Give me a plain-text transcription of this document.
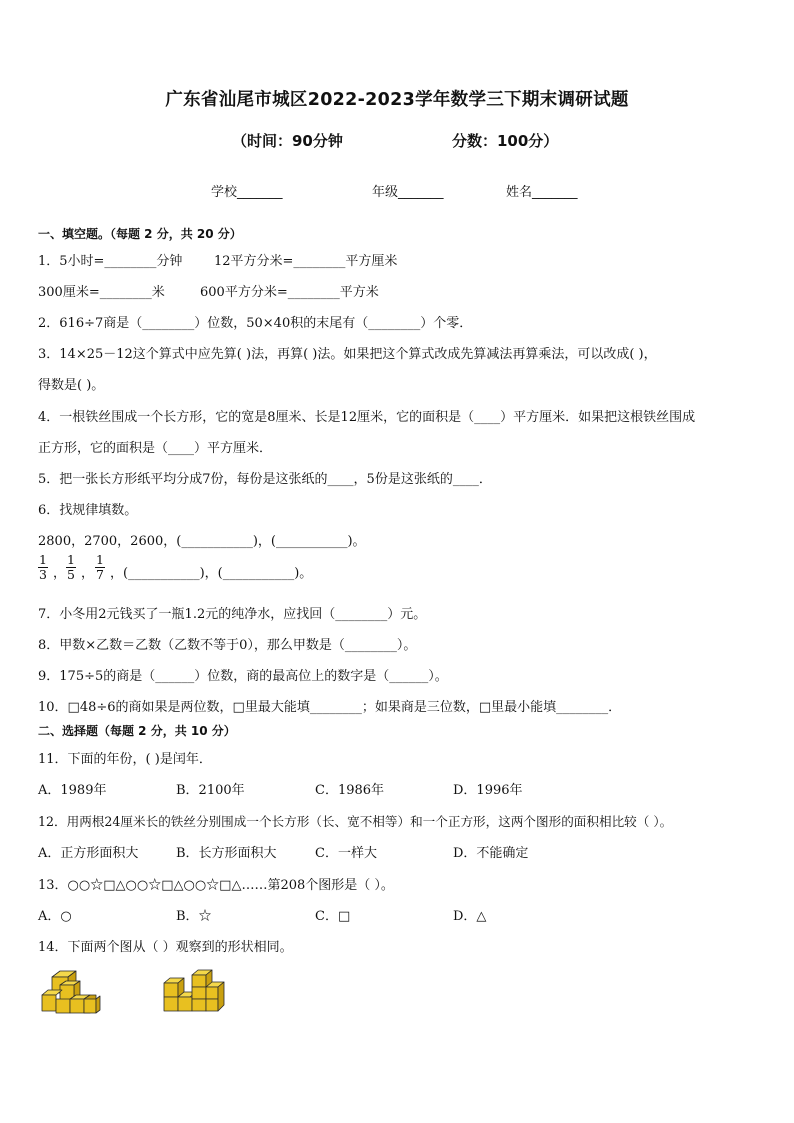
广东省汕尾市城区2022-2023学年数学三下期末调研试题
（时间：90分钟	分数：100分）
学校_______	年级_______	姓名_______
一、填空题。（每题 2 分，共 20 分）
1．5小时=________分钟 12平方分米=________平方厘米
300厘米=________米	600平方分米=________平方米
2．616÷7商是（________）位数，50×40积的末尾有（________）个零．
3．14×25－12这个算式中应先算( )法，再算( )法。如果把这个算式改成先算减法再算乘法，可以改成( )，
得数是( )。
4．一根铁丝围成一个长方形，它的宽是8厘米、长是12厘米，它的面积是（____）平方厘米．如果把这根铁丝围成
正方形，它的面积是（____）平方厘米．
5．把一张长方形纸平均分成7份，每份是这张纸的____，5份是这张纸的____．
6．找规律填数。
2800，2700，2600，(___________)，(___________)。
$\frac{1}{3}$ ， $\frac{1}{5}$ ， $\frac{1}{7}$ ，(___________)，(___________)。
7．小冬用2元钱买了一瓶1.2元的纯净水，应找回（________）元。
8．甲数×乙数＝乙数（乙数不等于0），那么甲数是（________）。
9．175÷5的商是（______）位数，商的最高位上的数字是（______）。
10．□48÷6的商如果是两位数，□里最大能填________；如果商是三位数，□里最小能填________．
二、选择题（每题 2 分，共 10 分）
11．下面的年份，( )是闰年．
A．1989年	B．2100年	C．1986年	D．1996年
12．用两根24厘米长的铁丝分别围成一个长方形（长、宽不相等）和一个正方形，这两个图形的面积相比较（ ）。
A．正方形面积大	B．长方形面积大	C．一样大	D．不能确定
13．○○☆□△○○☆□△○○☆□△……第208个图形是（ ）。
A．○	B．☆	C．□	D．△
14．下面两个图从（ ）观察到的形状相同。
